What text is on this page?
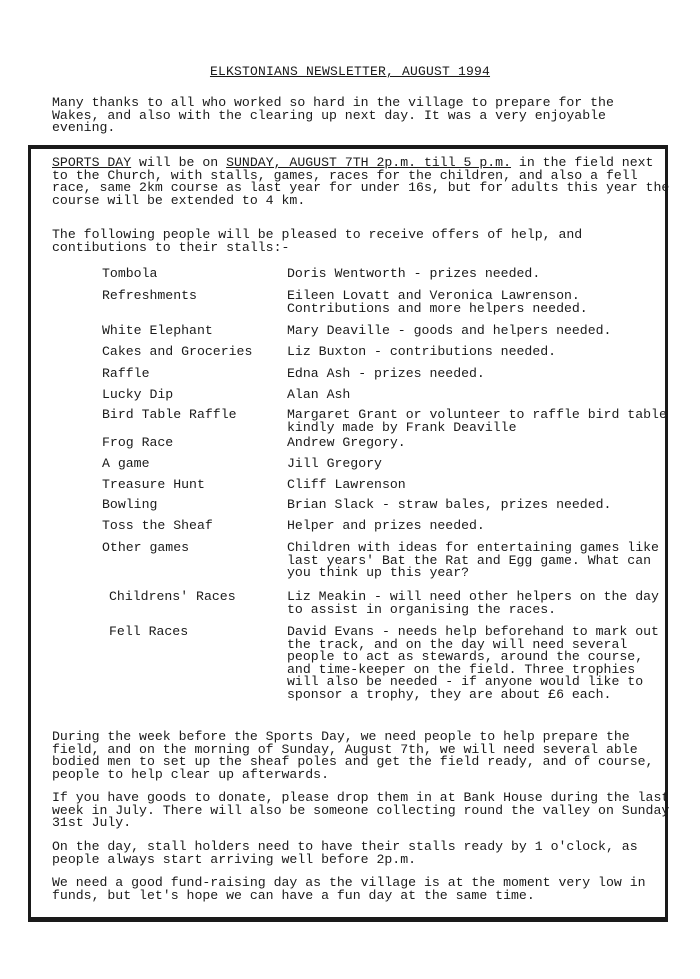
ELKSTONIANS NEWSLETTER, AUGUST 1994
Many thanks to all who worked so hard in the village to prepare for the Wakes, and also with the clearing up next day. It was a very enjoyable evening.
SPORTS DAY will be on SUNDAY, AUGUST 7TH 2p.m. till 5 p.m. in the field next to the Church, with stalls, games, races for the children, and also a fell race, same 2km course as last year for under 16s, but for adults this year the course will be extended to 4 km.
The following people will be pleased to receive offers of help, and contibutions to their stalls:-
Tombola	Doris Wentworth - prizes needed.
Refreshments	Eileen Lovatt and Veronica Lawrenson. Contributions and more helpers needed.
White Elephant	Mary Deaville - goods and helpers needed.
Cakes and Groceries	Liz Buxton - contributions needed.
Raffle	Edna Ash - prizes needed.
Lucky Dip	Alan Ash
Bird Table Raffle	Margaret Grant or volunteer to raffle bird table kindly made by Frank Deaville
Frog Race	Andrew Gregory.
A game	Jill Gregory
Treasure Hunt	Cliff Lawrenson
Bowling	Brian Slack - straw bales, prizes needed.
Toss the Sheaf	Helper and prizes needed.
Other games	Children with ideas for entertaining games like last years' Bat the Rat and Egg game. What can you think up this year?
Childrens' Races	Liz Meakin - will need other helpers on the day to assist in organising the races.
Fell Races	David Evans - needs help beforehand to mark out the track, and on the day will need several people to act as stewards, around the course, and time-keeper on the field. Three trophies will also be needed - if anyone would like to sponsor a trophy, they are about £6 each.
During the week before the Sports Day, we need people to help prepare the field, and on the morning of Sunday, August 7th, we will need several able bodied men to set up the sheaf poles and get the field ready, and of course, people to help clear up afterwards.
If you have goods to donate, please drop them in at Bank House during the last week in July. There will also be someone collecting round the valley on Sunday 31st July.
On the day, stall holders need to have their stalls ready by 1 o'clock, as people always start arriving well before 2p.m.
We need a good fund-raising day as the village is at the moment very low in funds, but let's hope we can have a fun day at the same time.
